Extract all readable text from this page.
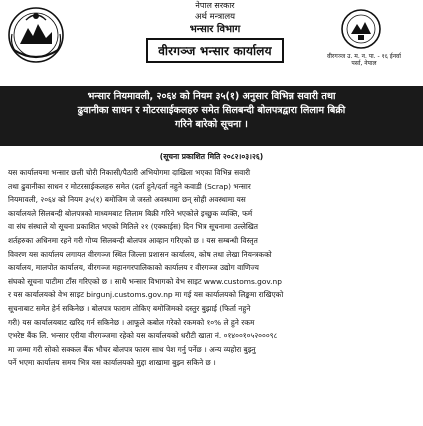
नेपाल सरकार
अर्थ मन्त्रालय
भन्सार विभाग
वीरगञ्ज भन्सार कार्यालय	वीरगञ्ज उ. म. न. पा. - १६ ईनर्वा
पर्सा, नेपाल
भन्सार नियमावली, २०६४ को नियम ३५(१) अनुसार विभिन्न सवारी तथा
ढुवानीका साधन र मोटरसाईकलहरु समेत सिलबन्दी बोलपत्रद्वारा लिलाम बिक्री
गरिने बारेको सूचना ।
(सूचना प्रकाशित मिति २०८२।०३।२६)
यस कार्यालयमा भन्सार छली चोरी निकासी/पैठारी अभियोगमा दाखिला भएका विभिन्न सवारी
तथा ढुवानीका साधन र मोटरसाईकलहरु समेत (दर्ता हुने/दर्ता नहुने कवाडी (Scrap) भन्सार
नियमावली, २०६४ को नियम ३५(१) बमोजिम जे जस्तो अवस्थामा छन् सोही अवस्थामा यस
कार्यालयले सिलबन्दी बोलपत्रको माध्यमबाट लिलाम बिक्री गरिने भएकोले इच्छुक व्यक्ति, फर्म
वा संघ संस्थाले यो सूचना प्रकाशित भएको मितिले २१ (एक्काईस) दिन भित्र सूचनामा उल्लेखित
शर्तहरुका अधिनमा रहने गरी गोप्य सिलबन्दी बोलपत्र आव्हान गरिएको छ । यस सम्बन्धी विस्तृत
विवरण यस कार्यालय लगायत वीरगञ्ज स्थित जिल्ला प्रशासन कार्यालय, कोष तथा लेखा नियन्त्रकको
कार्यालय, मालपोत कार्यालय, वीरगञ्ज महानगरपालिकाको कार्यालय र वीरगञ्ज उद्योग वाणिज्य
संघको सूचना पाटीमा टाँस गरिएको छ । साथै भन्सार विभागको वेभ साइट www.customs.gov.np
र यस कार्यालयको वेभ साइट birgunj.customs.gov.np मा गई यस कार्यालयको लिङ्कमा राखिएको
सूचनाबाट समेत हेर्न सकिनेछ । बोलपत्र फाराम तोकिए बमोजिमको दस्तुर बुझाई (फिर्ता नहुने
गरी) यस कार्यालयबाट खरिद गर्न सकिनेछ । आफूले कबोल गरेको रकमको १०% ले हुने रकम
एभरेष्ट बैंक लि. भन्सार एरीया वीरगञ्जमा रहेको यस कार्यालयको धरौटी खाता नं. ०१४००१०५२०००९८
मा जम्मा गरी सोको सक्कल बैंक भौचर बोलपत्र फारम साथ पेश गर्नु पर्नेछ । अन्य व्यहोरा बुझ्नु
पर्ने भएमा कार्यालय समय भित्र यस कार्यालयको मुद्दा शाखामा बुझ्न सकिने छ ।
